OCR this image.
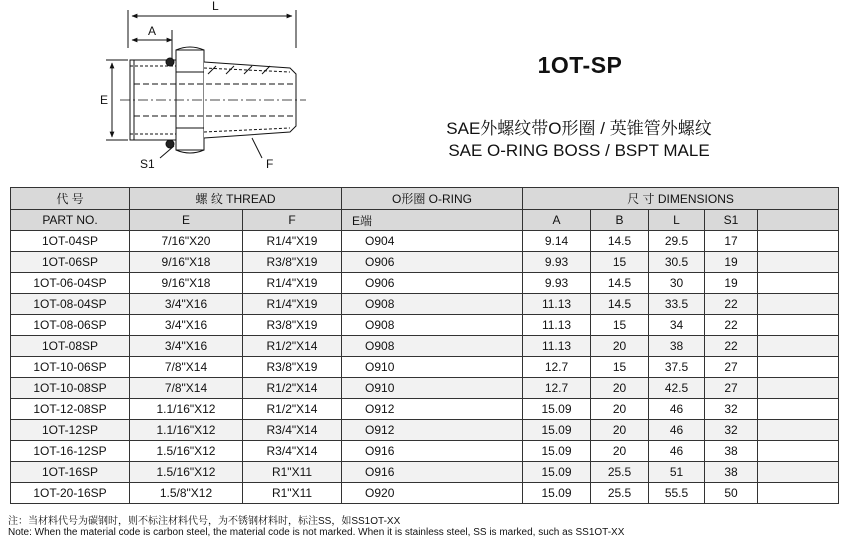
L
A
E
S1	F
1OT-SP
SAE外螺纹带O形圈 / 英锥管外螺纹
SAE O-RING BOSS / BSPT MALE
代 号	螺 纹 THREAD		O形圈 O-RING	尺 寸 DIMENSIONS				
PART NO.	E	F	E端	A	B	L	S1	
1OT-04SP	7/16"X20	R1/4"X19	O904	9.14	14.5	29.5	17	
1OT-06SP	9/16"X18	R3/8"X19	O906	9.93	15	30.5	19	
1OT-06-04SP	9/16"X18	R1/4"X19	O906	9.93	14.5	30	19	
1OT-08-04SP	3/4"X16	R1/4"X19	O908	11.13	14.5	33.5	22	
1OT-08-06SP	3/4"X16	R3/8"X19	O908	11.13	15	34	22	
1OT-08SP	3/4"X16	R1/2"X14	O908	11.13	20	38	22	
1OT-10-06SP	7/8"X14	R3/8"X19	O910	12.7	15	37.5	27	
1OT-10-08SP	7/8"X14	R1/2"X14	O910	12.7	20	42.5	27	
1OT-12-08SP	1.1/16"X12	R1/2"X14	O912	15.09	20	46	32	
1OT-12SP	1.1/16"X12	R3/4"X14	O912	15.09	20	46	32	
1OT-16-12SP	1.5/16"X12	R3/4"X14	O916	15.09	20	46	38	
1OT-16SP	1.5/16"X12	R1"X11	O916	15.09	25.5	51	38	
1OT-20-16SP	1.5/8"X12	R1"X11	O920	15.09	25.5	55.5	50	
注：当材料代号为碳钢时，则不标注材料代号，为不锈钢材料时，标注SS，如SS1OT-XX
Note: When the material code is carbon steel, the material code is not marked. When it is stainless steel, SS is marked, such as SS1OT-XX
